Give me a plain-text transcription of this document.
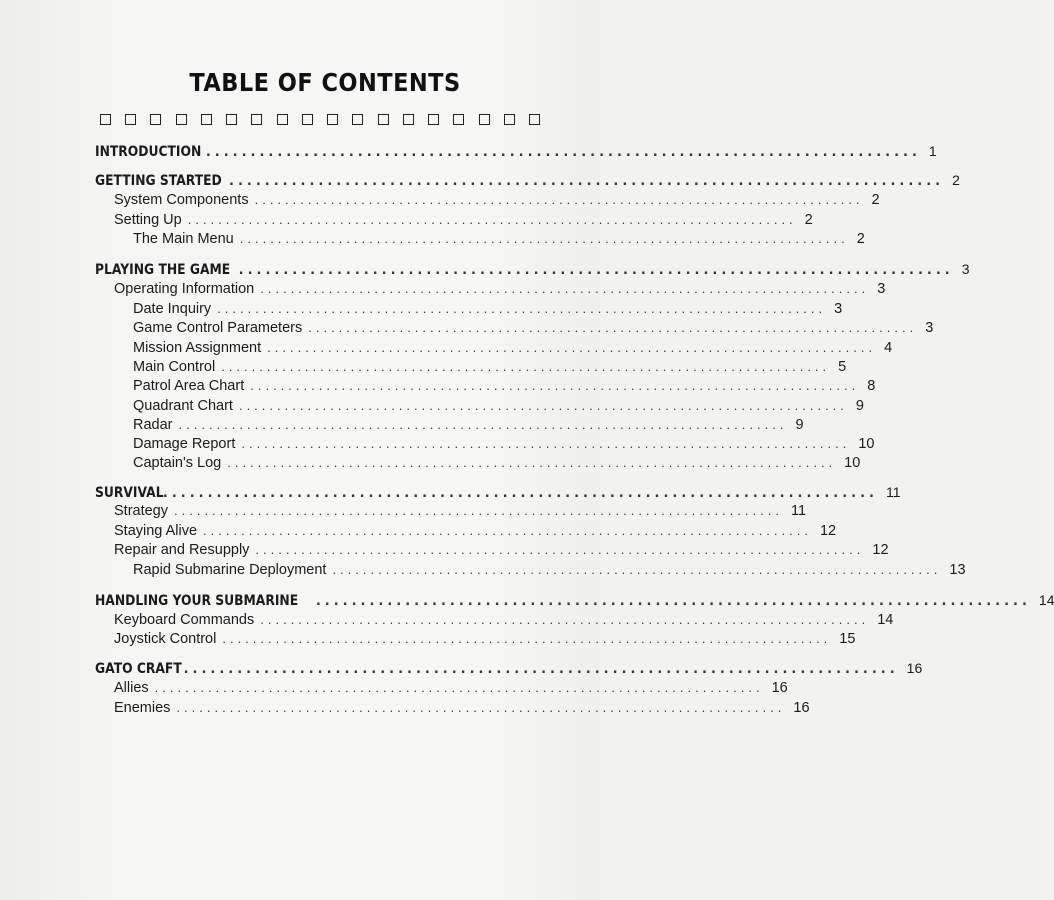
TABLE OF CONTENTS
INTRODUCTION ................................................................................ 1
GETTING STARTED ................................................................................ 2
System Components ................................................................................ 2
Setting Up ................................................................................ 2
The Main Menu ................................................................................ 2
PLAYING THE GAME ................................................................................ 3
Operating Information ................................................................................ 3
Date Inquiry ................................................................................ 3
Game Control Parameters ................................................................................ 3
Mission Assignment ................................................................................ 4
Main Control ................................................................................ 5
Patrol Area Chart ................................................................................ 8
Quadrant Chart ................................................................................ 9
Radar ................................................................................ 9
Damage Report ................................................................................ 10
Captain's Log ................................................................................ 10
SURVIVAL ................................................................................ 11
Strategy ................................................................................ 11
Staying Alive ................................................................................ 12
Repair and Resupply ................................................................................ 12
Rapid Submarine Deployment ................................................................................ 13
HANDLING YOUR SUBMARINE ................................................................................ 14
Keyboard Commands ................................................................................ 14
Joystick Control ................................................................................ 15
GATO CRAFT ................................................................................ 16
Allies ................................................................................ 16
Enemies ................................................................................ 16
